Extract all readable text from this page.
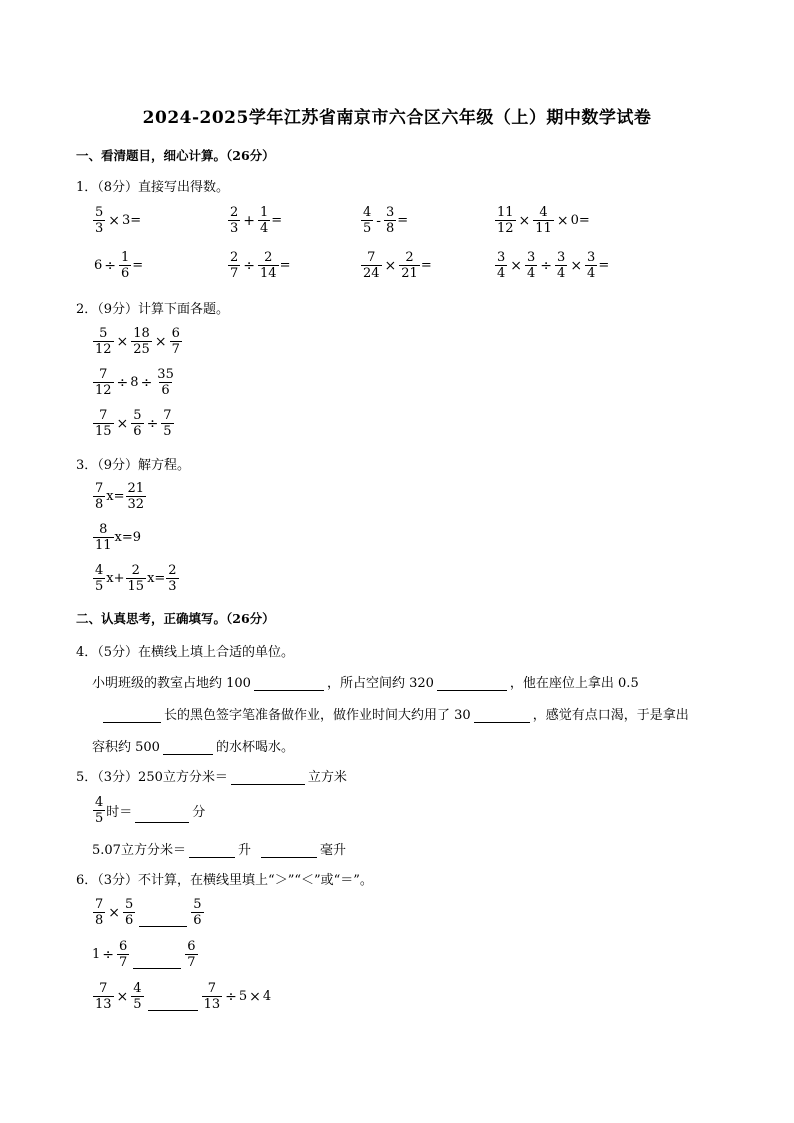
2024-2025学年江苏省南京市六合区六年级（上）期中数学试卷
一、看清题目，细心计算。（26分）
1．（8分）直接写出得数。
$\frac{5}{3} \times 3$ =	$\frac{2}{3} + \frac{1}{4}$ =	$\frac{4}{5} - \frac{3}{8}$ =	$\frac{11}{12} \times \frac{4}{11} \times 0$ =
$6 \div \frac{1}{6}$ =	$\frac{2}{7} \div \frac{2}{14}$ =	$\frac{7}{24} \times \frac{2}{21}$ =	$\frac{3}{4} \times \frac{3}{4} \div \frac{3}{4} \times \frac{3}{4}$ =
2．（9分）计算下面各题。
$\frac{5}{12} \times \frac{18}{25} \times \frac{6}{7}$
$\frac{7}{12} \div 8 \div \frac{35}{6}$
$\frac{7}{15} \times \frac{5}{6} \div \frac{7}{5}$
3．（9分）解方程。
$\frac{7}{8} x= \frac{21}{32}$
$\frac{8}{11} x=9$
$\frac{4}{5} x+ \frac{2}{15} x= \frac{2}{3}$
二、认真思考，正确填写。（26分）
4．（5分）在横线上填上合适的单位。
小明班级的教室占地约 100	，所占空间约 320	，他在座位上拿出 0.5
长的黑色签字笔准备做作业，做作业时间大约用了 30	，感觉有点口渴，于是拿出
容积约 500	的水杯喝水。
5．（3分）250立方分米＝	立方米
$\frac{4}{5}$ 时＝	分
5.07立方分米＝	升	毫升
6．（3分）不计算，在横线里填上“＞”“＜”或“＝”。
$\frac{7}{8} \times \frac{5}{6}$	$\frac{5}{6}$
$1 \div \frac{6}{7}$	$\frac{6}{7}$
$\frac{7}{13} \times \frac{4}{5}$	$\frac{7}{13} \div 5 \times 4$
